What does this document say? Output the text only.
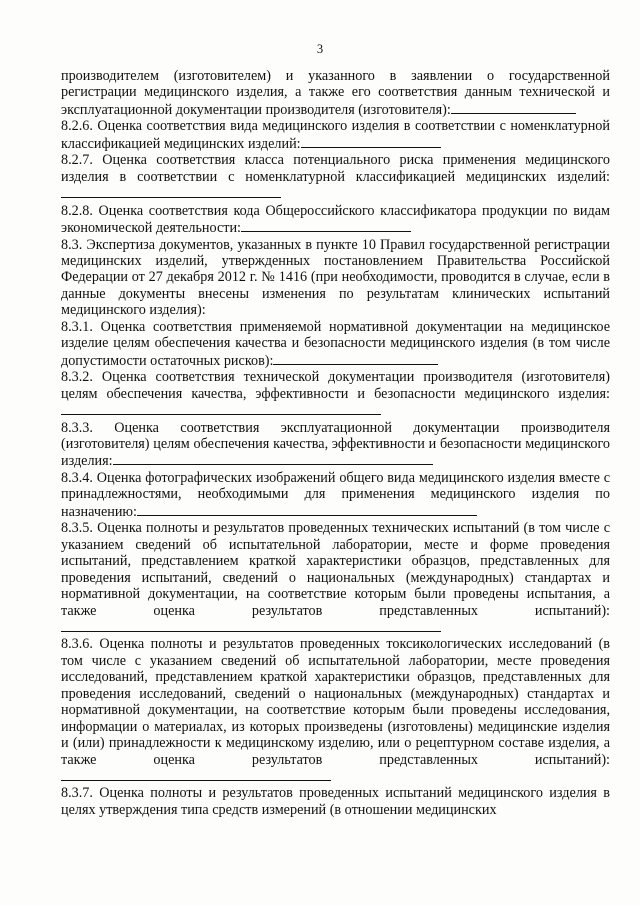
3

производителем (изготовителем) и указанного в заявлении о государственной регистрации медицинского изделия, а также его соответствия данным технической и эксплуатационной документации производителя (изготовителя):

8.2.6. Оценка соответствия вида медицинского изделия в соответствии с номенклатурной классификацией медицинских изделий:

8.2.7. Оценка соответствия класса потенциального риска применения медицинского изделия в соответствии с номенклатурной классификацией медицинских изделий:

8.2.8. Оценка соответствия кода Общероссийского классификатора продукции по видам экономической деятельности:

8.3. Экспертиза документов, указанных в пункте 10 Правил государственной регистрации медицинских изделий, утвержденных постановлением Правительства Российской Федерации от 27 декабря 2012 г. № 1416 (при необходимости, проводится в случае, если в данные документы внесены изменения по результатам клинических испытаний медицинского изделия):

8.3.1. Оценка соответствия применяемой нормативной документации на медицинское изделие целям обеспечения качества и безопасности медицинского изделия (в том числе допустимости остаточных рисков):

8.3.2. Оценка соответствия технической документации производителя (изготовителя) целям обеспечения качества, эффективности и безопасности медицинского изделия:

8.3.3. Оценка соответствия эксплуатационной документации производителя (изготовителя) целям обеспечения качества, эффективности и безопасности медицинского изделия:

8.3.4. Оценка фотографических изображений общего вида медицинского изделия вместе с принадлежностями, необходимыми для применения медицинского изделия по назначению:

8.3.5. Оценка полноты и результатов проведенных технических испытаний (в том числе с указанием сведений об испытательной лаборатории, месте и форме проведения испытаний, представлением краткой характеристики образцов, представленных для проведения испытаний, сведений о национальных (международных) стандартах и нормативной документации, на соответствие которым были проведены испытания, а также оценка результатов представленных испытаний):

8.3.6. Оценка полноты и результатов проведенных токсикологических исследований (в том числе с указанием сведений об испытательной лаборатории, месте проведения исследований, представлением краткой характеристики образцов, представленных для проведения исследований, сведений о национальных (международных) стандартах и нормативной документации, на соответствие которым были проведены исследования, информации о материалах, из которых произведены (изготовлены) медицинские изделия и (или) принадлежности к медицинскому изделию, или о рецептурном составе изделия, а также оценка результатов представленных испытаний):

8.3.7. Оценка полноты и результатов проведенных испытаний медицинского изделия в целях утверждения типа средств измерений (в отношении медицинских
